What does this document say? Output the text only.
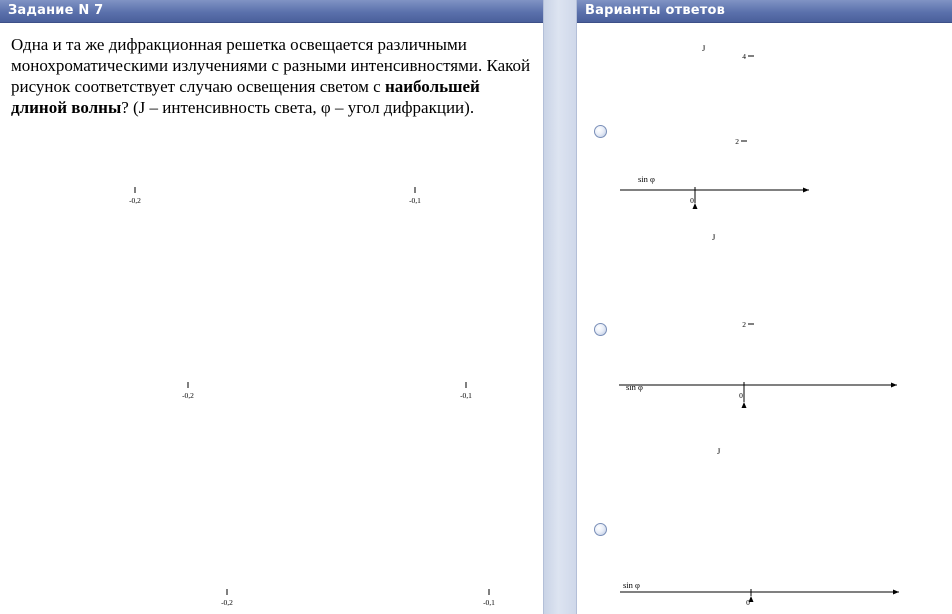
Задание N 7
Одна и та же дифракционная решетка освещается различными монохроматическими излучениями с разными интенсивностями. Какой рисунок соответствует случаю освещения светом с наибольшей длиной волны? (J – интенсивность света, φ – угол дифракции).
Варианты ответов
-0,2	-0,1	0
sin φ
J
-0,2	-0,1	0
2
sin φ
J
-0,2	-0,1	0
2
4
sin φ
J
